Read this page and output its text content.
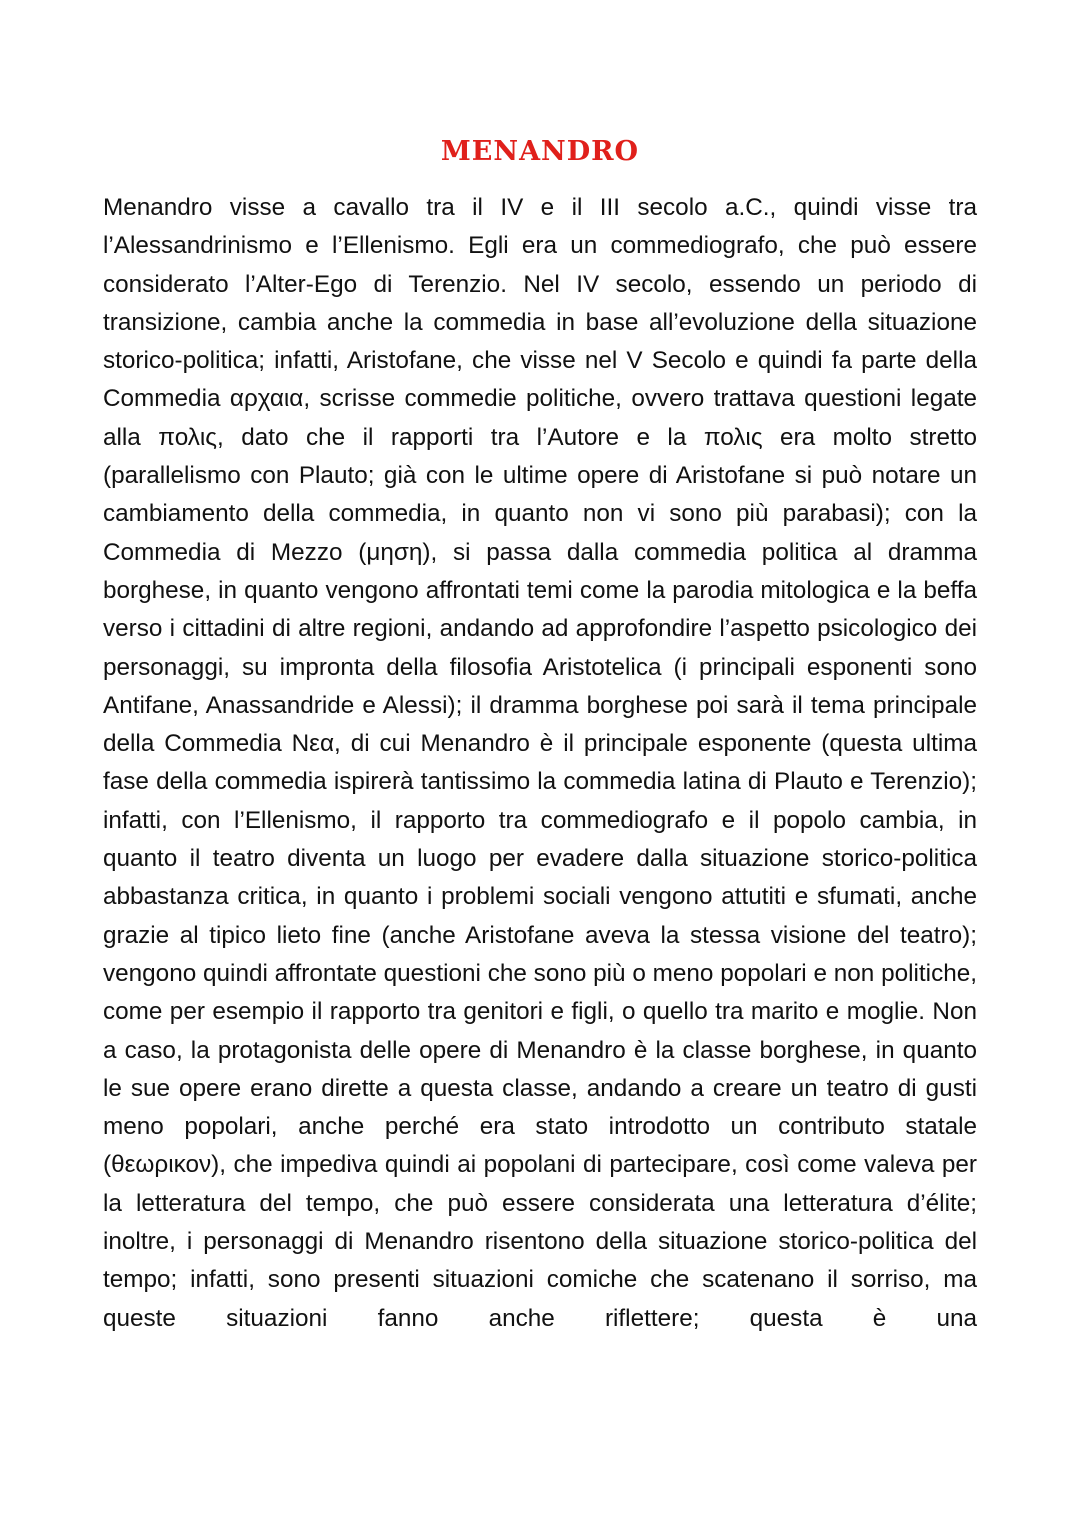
MENANDRO

Menandro visse a cavallo tra il IV e il III secolo a.C., quindi visse tra l’Alessandrinismo e l’Ellenismo. Egli era un commediografo, che può essere considerato l’Alter-Ego di Terenzio. Nel IV secolo, essendo un periodo di transizione, cambia anche la commedia in base all’evoluzione della situazione storico-politica; infatti, Aristofane, che visse nel V Secolo e quindi fa parte della Commedia αρχαια, scrisse commedie politiche, ovvero trattava questioni legate alla πολις, dato che il rapporti tra l’Autore e la πολις era molto stretto (parallelismo con Plauto; già con le ultime opere di Aristofane si può notare un cambiamento della commedia, in quanto non vi sono più parabasi); con la Commedia di Mezzo (μηση), si passa dalla commedia politica al dramma borghese, in quanto vengono affrontati temi come la parodia mitologica e la beffa verso i cittadini di altre regioni, andando ad approfondire l’aspetto psicologico dei personaggi, su impronta della filosofia Aristotelica (i principali esponenti sono Antifane, Anassandride e Alessi); il dramma borghese poi sarà il tema principale della Commedia Νεα, di cui Menandro è il principale esponente (questa ultima fase della commedia ispirerà tantissimo la commedia latina di Plauto e Terenzio); infatti, con l’Ellenismo, il rapporto tra commediografo e il popolo cambia, in quanto il teatro diventa un luogo per evadere dalla situazione storico-politica abbastanza critica, in quanto i problemi sociali vengono attutiti e sfumati, anche grazie al tipico lieto fine (anche Aristofane aveva la stessa visione del teatro); vengono quindi affrontate questioni che sono più o meno popolari e non politiche, come per esempio il rapporto tra genitori e figli, o quello tra marito e moglie. Non a caso, la protagonista delle opere di Menandro è la classe borghese, in quanto le sue opere erano dirette a questa classe, andando a creare un teatro di gusti meno popolari, anche perché era stato introdotto un contributo statale (θεωρικον), che impediva quindi ai popolani di partecipare, così come valeva per la letteratura del tempo, che può essere considerata una letteratura d’élite; inoltre, i personaggi di Menandro risentono della situazione storico-politica del tempo; infatti, sono presenti situazioni comiche che scatenano il sorriso, ma queste situazioni fanno anche riflettere; questa è una
